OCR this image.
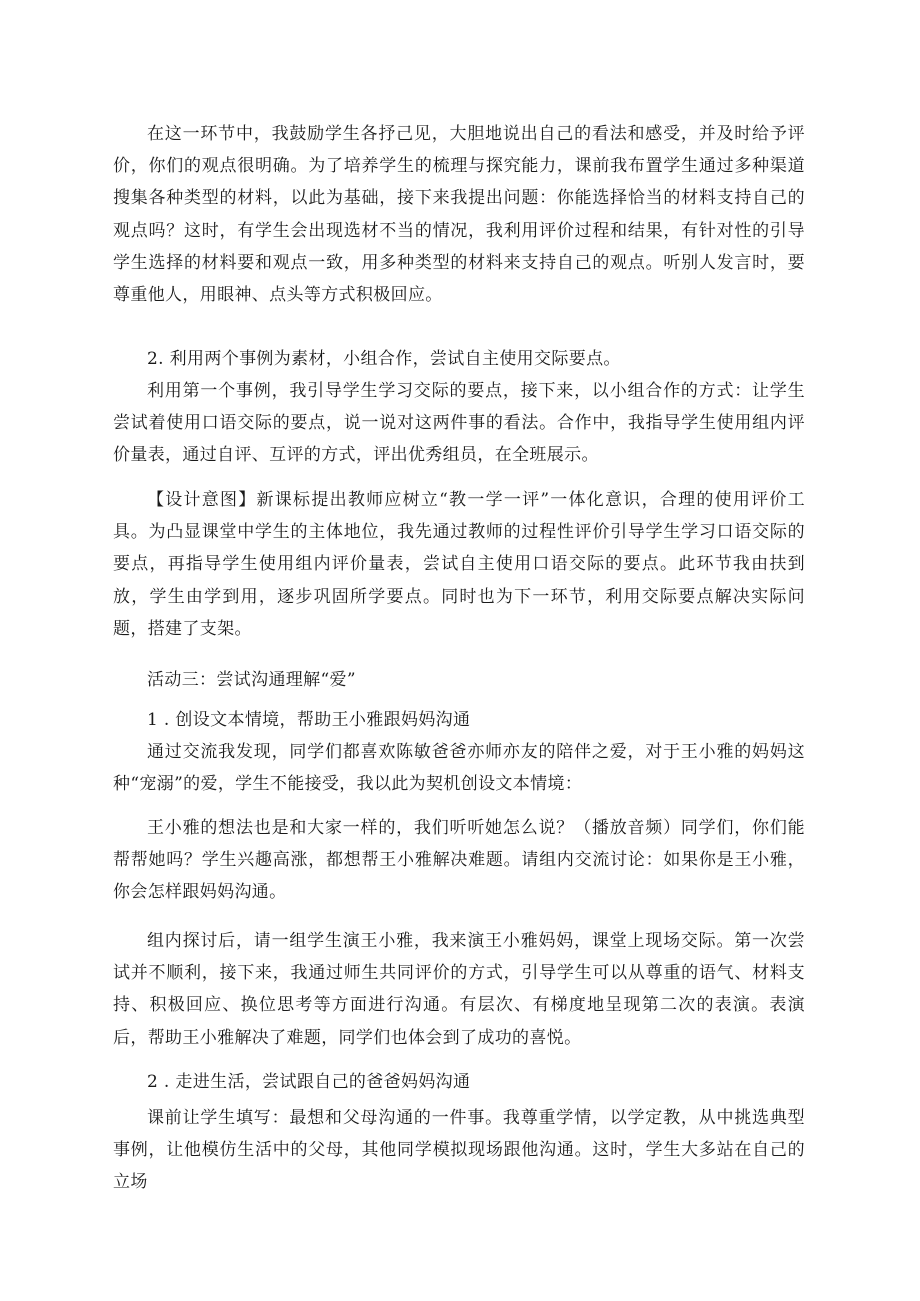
在这一环节中，我鼓励学生各抒己见，大胆地说出自己的看法和感受，并及时给予评价，你们的观点很明确。为了培养学生的梳理与探究能力，课前我布置学生通过多种渠道搜集各种类型的材料，以此为基础，接下来我提出问题：你能选择恰当的材料支持自己的观点吗？这时，有学生会出现选材不当的情况，我利用评价过程和结果，有针对性的引导学生选择的材料要和观点一致，用多种类型的材料来支持自己的观点。听别人发言时，要尊重他人，用眼神、点头等方式积极回应。

2. 利用两个事例为素材，小组合作，尝试自主使用交际要点。

利用第一个事例，我引导学生学习交际的要点，接下来，以小组合作的方式：让学生尝试着使用口语交际的要点，说一说对这两件事的看法。合作中，我指导学生使用组内评价量表，通过自评、互评的方式，评出优秀组员，在全班展示。

【设计意图】新课标提出教师应树立“教一学一评”一体化意识，合理的使用评价工具。为凸显课堂中学生的主体地位，我先通过教师的过程性评价引导学生学习口语交际的要点，再指导学生使用组内评价量表，尝试自主使用口语交际的要点。此环节我由扶到放，学生由学到用，逐步巩固所学要点。同时也为下一环节，利用交际要点解决实际问题，搭建了支架。

活动三：尝试沟通理解“爱”

1 . 创设文本情境，帮助王小雅跟妈妈沟通

通过交流我发现，同学们都喜欢陈敏爸爸亦师亦友的陪伴之爱，对于王小雅的妈妈这种“宠溺”的爱，学生不能接受，我以此为契机创设文本情境：

王小雅的想法也是和大家一样的，我们听听她怎么说？（播放音频）同学们，你们能帮帮她吗？学生兴趣高涨，都想帮王小雅解决难题。请组内交流讨论：如果你是王小雅，你会怎样跟妈妈沟通。

组内探讨后，请一组学生演王小雅，我来演王小雅妈妈，课堂上现场交际。第一次尝试并不顺利，接下来，我通过师生共同评价的方式，引导学生可以从尊重的语气、材料支持、积极回应、换位思考等方面进行沟通。有层次、有梯度地呈现第二次的表演。表演后，帮助王小雅解决了难题，同学们也体会到了成功的喜悦。

2 . 走进生活，尝试跟自己的爸爸妈妈沟通

课前让学生填写：最想和父母沟通的一件事。我尊重学情，以学定教，从中挑选典型事例，让他模仿生活中的父母，其他同学模拟现场跟他沟通。这时，学生大多站在自己的立场
